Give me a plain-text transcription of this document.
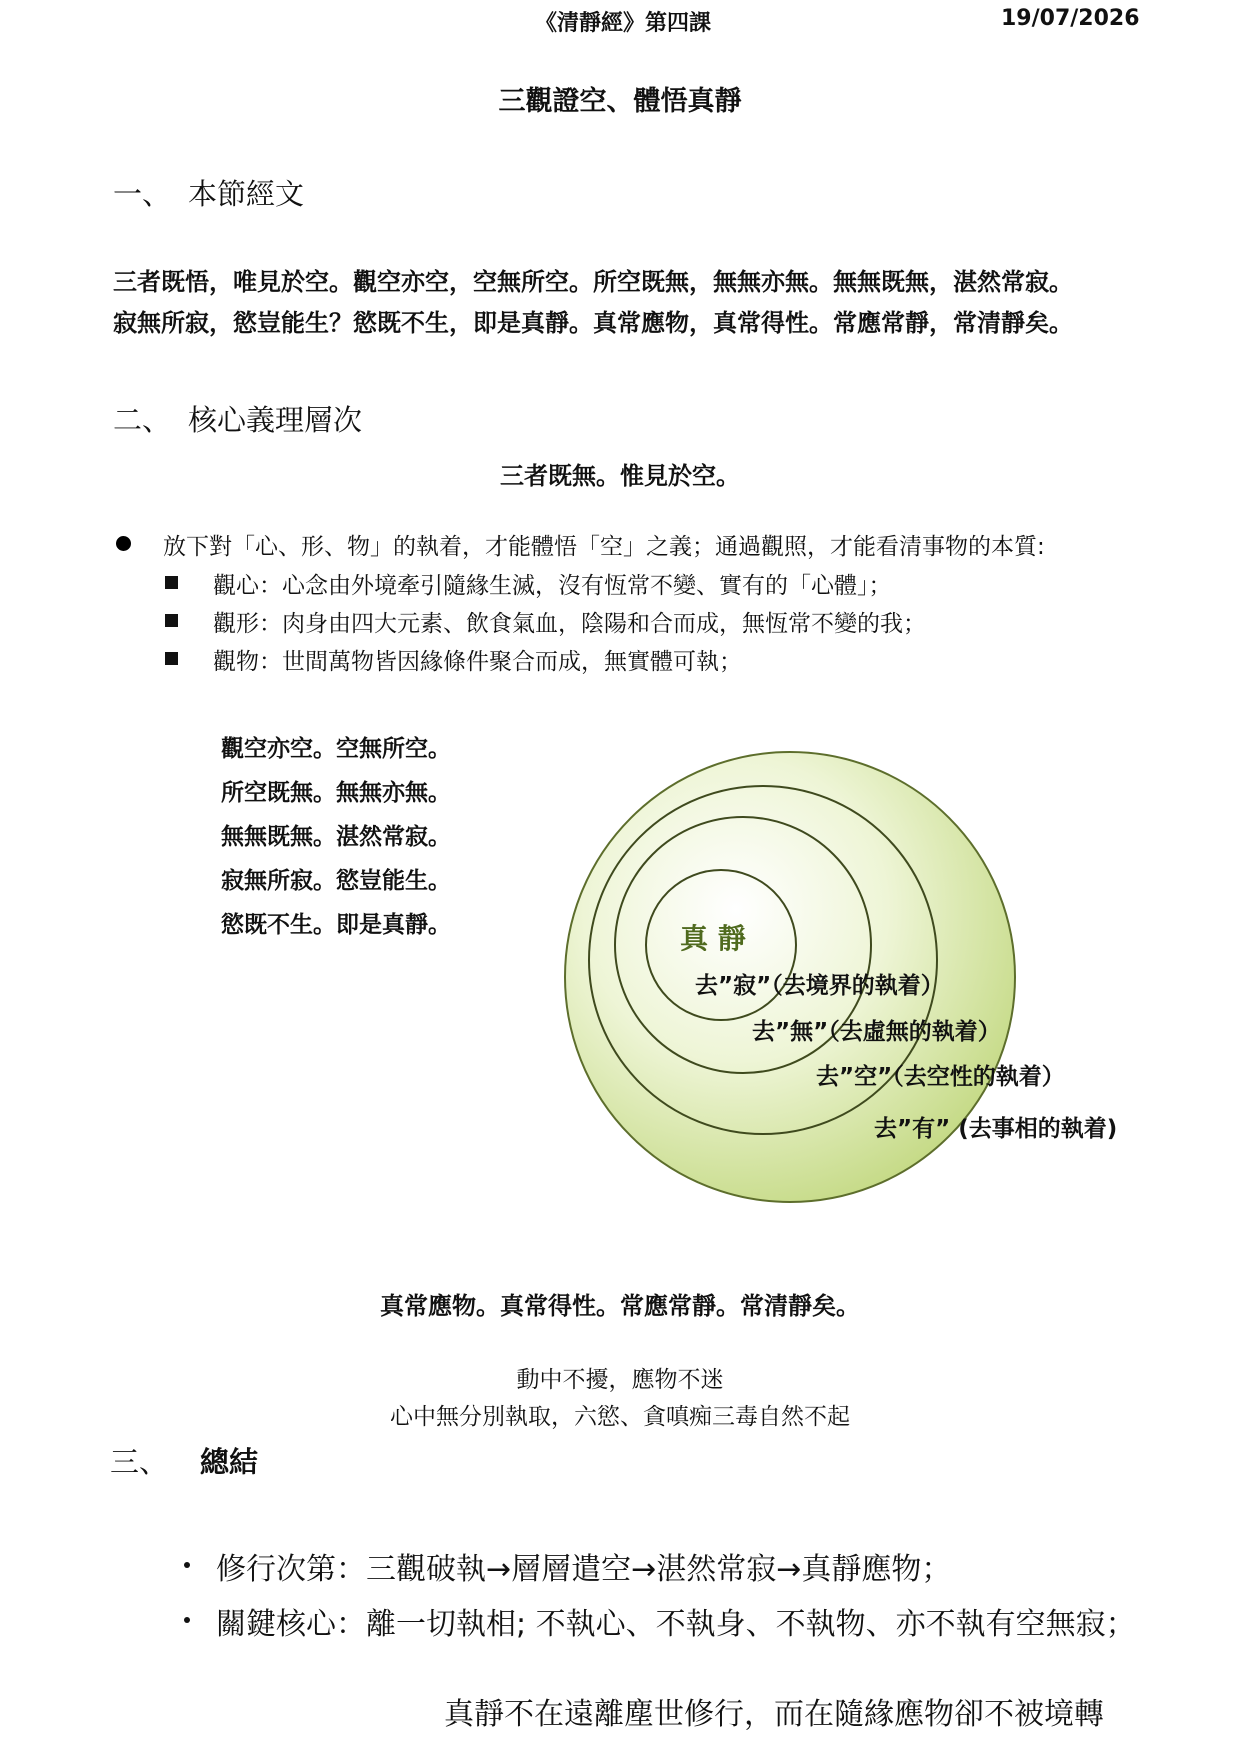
《清靜經》第四課	19/07/2026
三觀證空、體悟真靜
一、 本節經文
三者既悟，唯見於空。觀空亦空，空無所空。所空既無，無無亦無。無無既無，湛然常寂。
寂無所寂，慾豈能生？慾既不生，即是真靜。真常應物，真常得性。常應常靜，常清靜矣。
二、 核心義理層次
三者既無。惟見於空。
放下對「心、形、物」的執着，才能體悟「空」之義；通過觀照，才能看清事物的本質:
觀心：心念由外境牽引隨緣生滅，沒有恆常不變、實有的「心體」；
觀形：肉身由四大元素、飲食氣血，陰陽和合而成，無恆常不變的我；
觀物：世間萬物皆因緣條件聚合而成，無實體可執；
觀空亦空。空無所空。
所空既無。無無亦無。
無無既無。湛然常寂。
寂無所寂。慾豈能生。
慾既不生。即是真靜。	真 靜
去”寂”（去境界的執着）
去”無”（去虛無的執着）
去”空”（去空性的執着）
去”有” (去事相的執着)
真常應物。真常得性。常應常靜。常清靜矣。
動中不擾，應物不迷
心中無分別執取，六慾、貪嗔痴三毒自然不起
三、 總結
修行次第：三觀破執→層層遣空→湛然常寂→真靜應物；
關鍵核心：離一切執相; 不執心、不執身、不執物、亦不執有空無寂；
真靜不在遠離塵世修行，而在隨緣應物卻不被境轉
